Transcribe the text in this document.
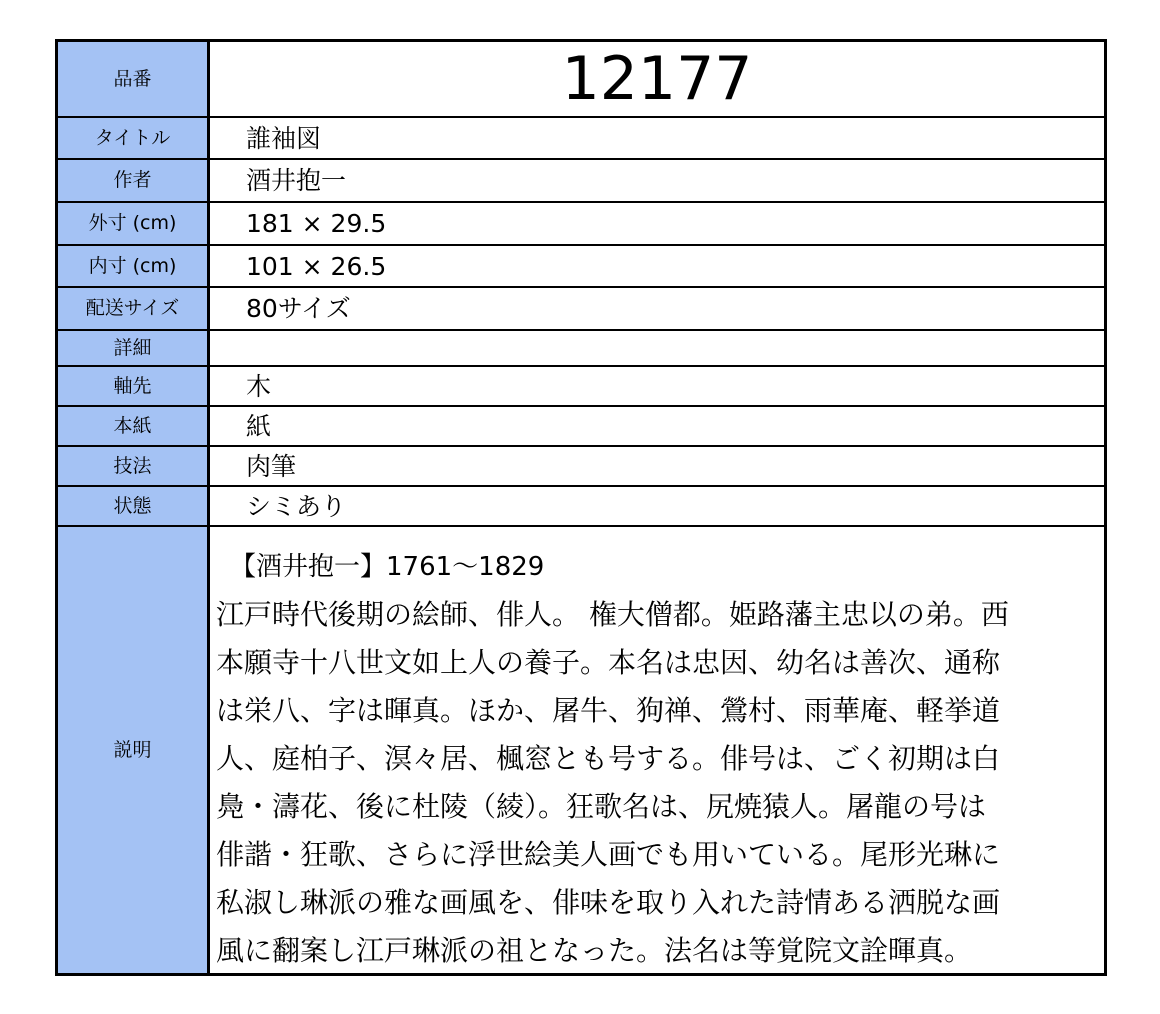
品番	12177
タイトル	誰袖図
作者	酒井抱一
外寸 (cm)	181 × 29.5
内寸 (cm)	101 × 26.5
配送サイズ	80サイズ
詳細
軸先	木
本紙	紙
技法	肉筆
状態	シミあり
説明
【酒井抱一】1761〜1829
江戸時代後期の絵師、俳人。 権大僧都。姫路藩主忠以の弟。西
本願寺十八世文如上人の養子。本名は忠因、幼名は善次、通称
は栄八、字は暉真。ほか、屠牛、狗禅、鶯村、雨華庵、軽挙道
人、庭柏子、溟々居、楓窓とも号する。俳号は、ごく初期は白
鳧・濤花、後に杜陵（綾）。狂歌名は、尻焼猿人。屠龍の号は
俳諧・狂歌、さらに浮世絵美人画でも用いている。尾形光琳に
私淑し琳派の雅な画風を、俳味を取り入れた詩情ある洒脱な画
風に翻案し江戸琳派の祖となった。法名は等覚院文詮暉真。
